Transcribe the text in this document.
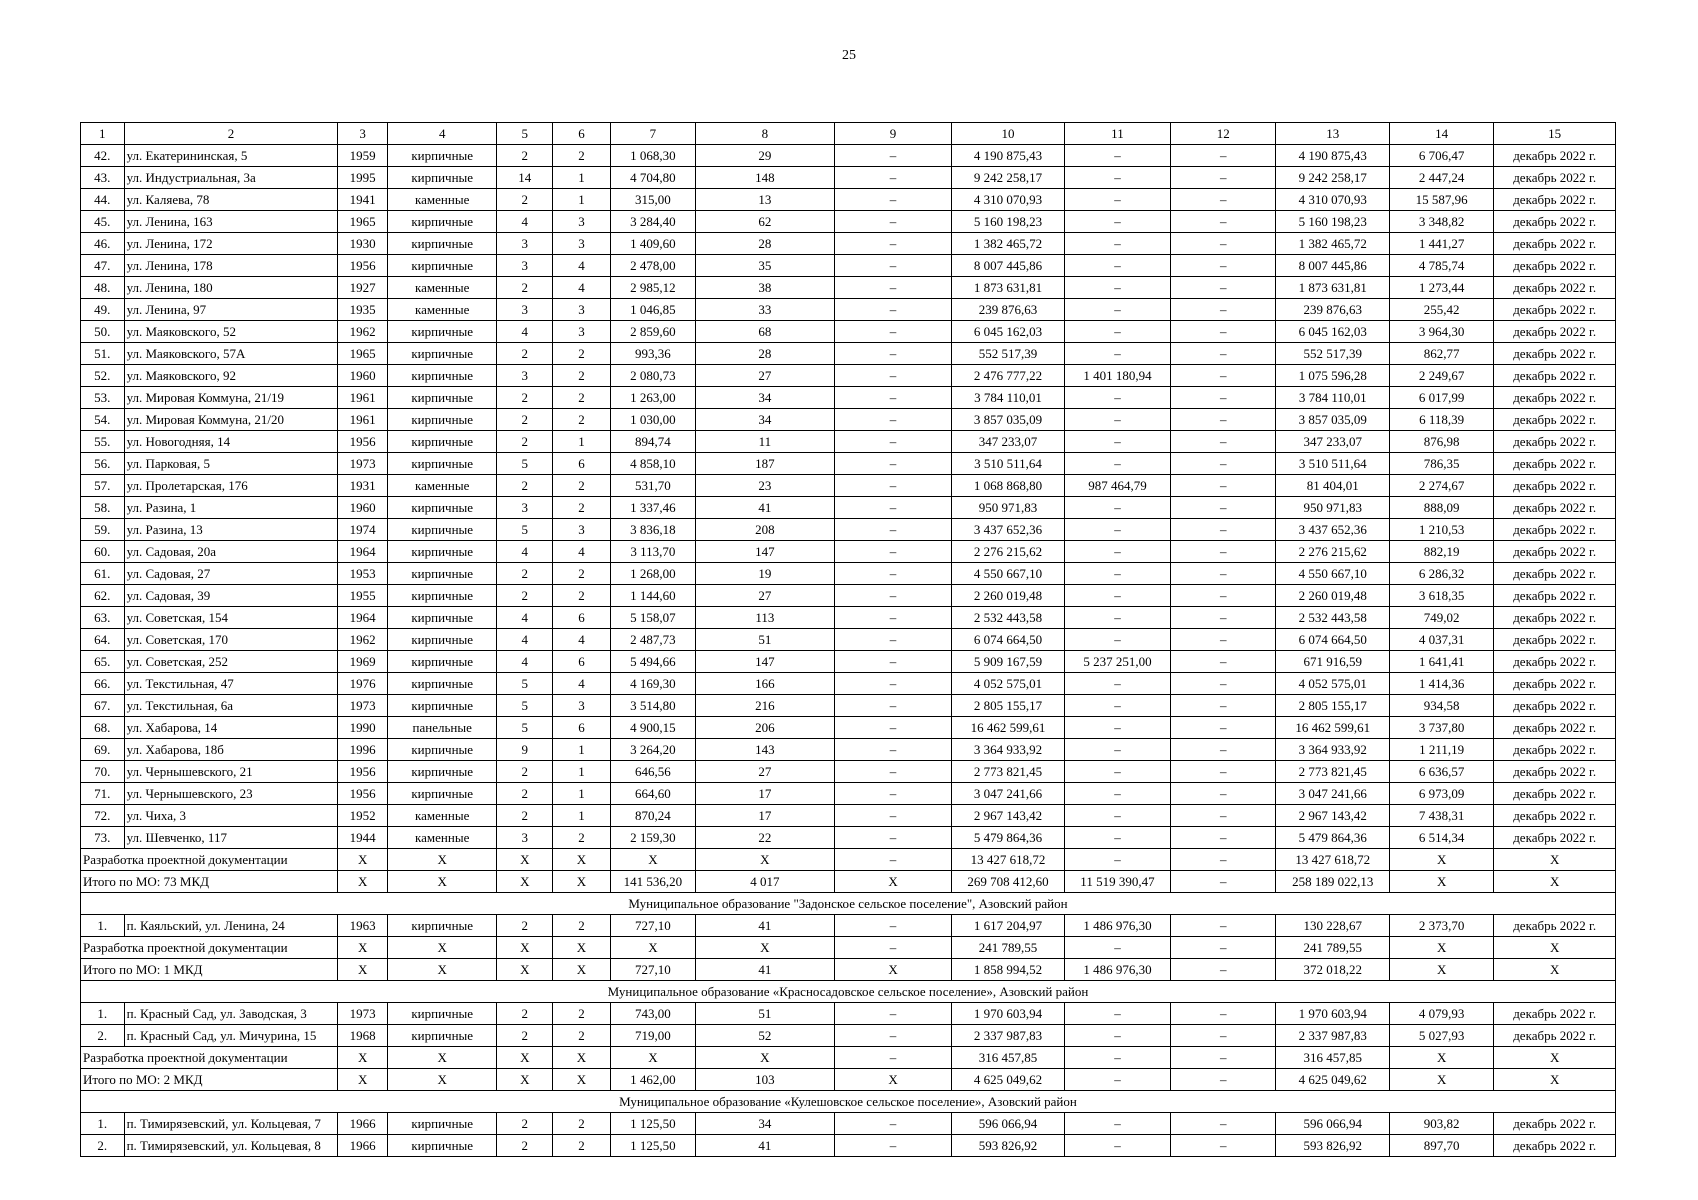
25
1	2	3	4	5	6	7	8	9	10	11	12	13	14	15
42.	ул. Екатерининская, 5	1959	кирпичные	2	2	1 068,30	29	–	4 190 875,43	–	–	4 190 875,43	6 706,47	декабрь 2022 г.
43.	ул. Индустриальная, 3а	1995	кирпичные	14	1	4 704,80	148	–	9 242 258,17	–	–	9 242 258,17	2 447,24	декабрь 2022 г.
44.	ул. Каляева, 78	1941	каменные	2	1	315,00	13	–	4 310 070,93	–	–	4 310 070,93	15 587,96	декабрь 2022 г.
45.	ул. Ленина, 163	1965	кирпичные	4	3	3 284,40	62	–	5 160 198,23	–	–	5 160 198,23	3 348,82	декабрь 2022 г.
46.	ул. Ленина, 172	1930	кирпичные	3	3	1 409,60	28	–	1 382 465,72	–	–	1 382 465,72	1 441,27	декабрь 2022 г.
47.	ул. Ленина, 178	1956	кирпичные	3	4	2 478,00	35	–	8 007 445,86	–	–	8 007 445,86	4 785,74	декабрь 2022 г.
48.	ул. Ленина, 180	1927	каменные	2	4	2 985,12	38	–	1 873 631,81	–	–	1 873 631,81	1 273,44	декабрь 2022 г.
49.	ул. Ленина, 97	1935	каменные	3	3	1 046,85	33	–	239 876,63	–	–	239 876,63	255,42	декабрь 2022 г.
50.	ул. Маяковского, 52	1962	кирпичные	4	3	2 859,60	68	–	6 045 162,03	–	–	6 045 162,03	3 964,30	декабрь 2022 г.
51.	ул. Маяковского, 57А	1965	кирпичные	2	2	993,36	28	–	552 517,39	–	–	552 517,39	862,77	декабрь 2022 г.
52.	ул. Маяковского, 92	1960	кирпичные	3	2	2 080,73	27	–	2 476 777,22	1 401 180,94	–	1 075 596,28	2 249,67	декабрь 2022 г.
53.	ул. Мировая Коммуна, 21/19	1961	кирпичные	2	2	1 263,00	34	–	3 784 110,01	–	–	3 784 110,01	6 017,99	декабрь 2022 г.
54.	ул. Мировая Коммуна, 21/20	1961	кирпичные	2	2	1 030,00	34	–	3 857 035,09	–	–	3 857 035,09	6 118,39	декабрь 2022 г.
55.	ул. Новогодняя, 14	1956	кирпичные	2	1	894,74	11	–	347 233,07	–	–	347 233,07	876,98	декабрь 2022 г.
56.	ул. Парковая, 5	1973	кирпичные	5	6	4 858,10	187	–	3 510 511,64	–	–	3 510 511,64	786,35	декабрь 2022 г.
57.	ул. Пролетарская, 176	1931	каменные	2	2	531,70	23	–	1 068 868,80	987 464,79	–	81 404,01	2 274,67	декабрь 2022 г.
58.	ул. Разина, 1	1960	кирпичные	3	2	1 337,46	41	–	950 971,83	–	–	950 971,83	888,09	декабрь 2022 г.
59.	ул. Разина, 13	1974	кирпичные	5	3	3 836,18	208	–	3 437 652,36	–	–	3 437 652,36	1 210,53	декабрь 2022 г.
60.	ул. Садовая, 20а	1964	кирпичные	4	4	3 113,70	147	–	2 276 215,62	–	–	2 276 215,62	882,19	декабрь 2022 г.
61.	ул. Садовая, 27	1953	кирпичные	2	2	1 268,00	19	–	4 550 667,10	–	–	4 550 667,10	6 286,32	декабрь 2022 г.
62.	ул. Садовая, 39	1955	кирпичные	2	2	1 144,60	27	–	2 260 019,48	–	–	2 260 019,48	3 618,35	декабрь 2022 г.
63.	ул. Советская, 154	1964	кирпичные	4	6	5 158,07	113	–	2 532 443,58	–	–	2 532 443,58	749,02	декабрь 2022 г.
64.	ул. Советская, 170	1962	кирпичные	4	4	2 487,73	51	–	6 074 664,50	–	–	6 074 664,50	4 037,31	декабрь 2022 г.
65.	ул. Советская, 252	1969	кирпичные	4	6	5 494,66	147	–	5 909 167,59	5 237 251,00	–	671 916,59	1 641,41	декабрь 2022 г.
66.	ул. Текстильная, 47	1976	кирпичные	5	4	4 169,30	166	–	4 052 575,01	–	–	4 052 575,01	1 414,36	декабрь 2022 г.
67.	ул. Текстильная, 6а	1973	кирпичные	5	3	3 514,80	216	–	2 805 155,17	–	–	2 805 155,17	934,58	декабрь 2022 г.
68.	ул. Хабарова, 14	1990	панельные	5	6	4 900,15	206	–	16 462 599,61	–	–	16 462 599,61	3 737,80	декабрь 2022 г.
69.	ул. Хабарова, 18б	1996	кирпичные	9	1	3 264,20	143	–	3 364 933,92	–	–	3 364 933,92	1 211,19	декабрь 2022 г.
70.	ул. Чернышевского, 21	1956	кирпичные	2	1	646,56	27	–	2 773 821,45	–	–	2 773 821,45	6 636,57	декабрь 2022 г.
71.	ул. Чернышевского, 23	1956	кирпичные	2	1	664,60	17	–	3 047 241,66	–	–	3 047 241,66	6 973,09	декабрь 2022 г.
72.	ул. Чиха, 3	1952	каменные	2	1	870,24	17	–	2 967 143,42	–	–	2 967 143,42	7 438,31	декабрь 2022 г.
73.	ул. Шевченко, 117	1944	каменные	3	2	2 159,30	22	–	5 479 864,36	–	–	5 479 864,36	6 514,34	декабрь 2022 г.
Разработка проектной документации		X	X	X	X	X	X	–	13 427 618,72	–	–	13 427 618,72	X	X
Итого по МО: 73 МКД		X	X	X	X	141 536,20	4 017	X	269 708 412,60	11 519 390,47	–	258 189 022,13	X	X
Муниципальное образование "Задонское сельское поселение", Азовский район														
1.	п. Каяльский, ул. Ленина, 24	1963	кирпичные	2	2	727,10	41	–	1 617 204,97	1 486 976,30	–	130 228,67	2 373,70	декабрь 2022 г.
Разработка проектной документации		X	X	X	X	X	X	–	241 789,55	–	–	241 789,55	X	X
Итого по МО: 1 МКД		X	X	X	X	727,10	41	X	1 858 994,52	1 486 976,30	–	372 018,22	X	X
Муниципальное образование «Красносадовское сельское поселение», Азовский район														
1.	п. Красный Сад, ул. Заводская, 3	1973	кирпичные	2	2	743,00	51	–	1 970 603,94	–	–	1 970 603,94	4 079,93	декабрь 2022 г.
2.	п. Красный Сад, ул. Мичурина, 15	1968	кирпичные	2	2	719,00	52	–	2 337 987,83	–	–	2 337 987,83	5 027,93	декабрь 2022 г.
Разработка проектной документации		X	X	X	X	X	X	–	316 457,85	–	–	316 457,85	X	X
Итого по МО: 2 МКД		X	X	X	X	1 462,00	103	X	4 625 049,62	–	–	4 625 049,62	X	X
Муниципальное образование «Кулешовское сельское поселение», Азовский район														
1.	п. Тимирязевский, ул. Кольцевая, 7	1966	кирпичные	2	2	1 125,50	34	–	596 066,94	–	–	596 066,94	903,82	декабрь 2022 г.
2.	п. Тимирязевский, ул. Кольцевая, 8	1966	кирпичные	2	2	1 125,50	41	–	593 826,92	–	–	593 826,92	897,70	декабрь 2022 г.
